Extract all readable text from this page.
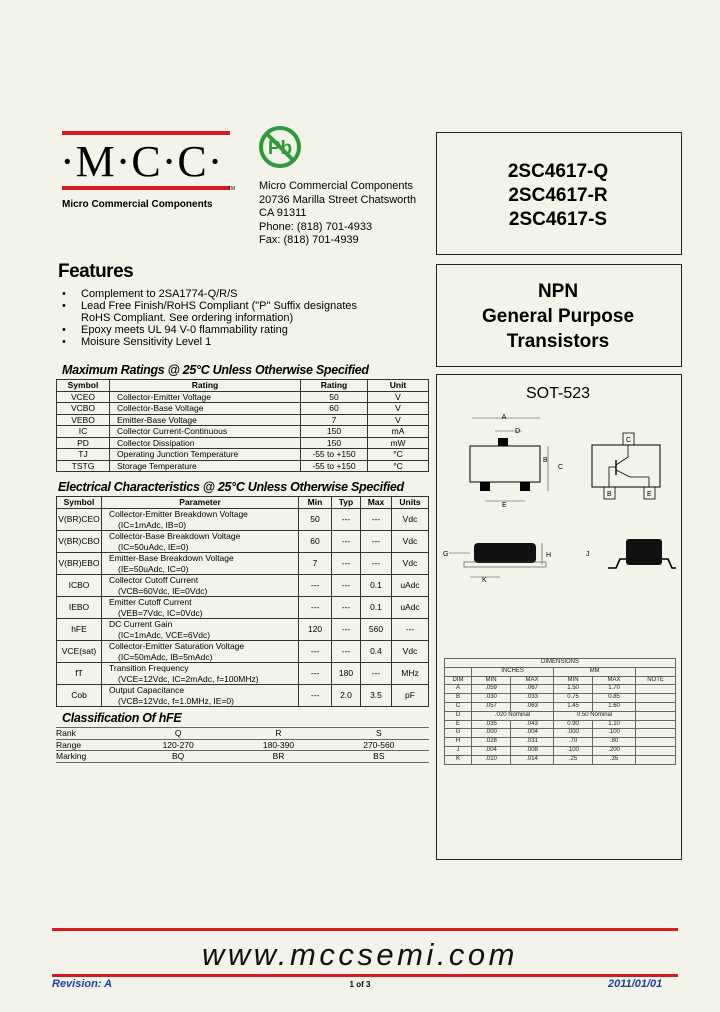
·M·C·C·
TM
Micro Commercial Components
Pb
Micro Commercial Components
20736 Marilla Street Chatsworth
CA 91311
Phone: (818) 701-4933
Fax: (818) 701-4939
2SC4617-Q
2SC4617-R
2SC4617-S
NPN
General Purpose
Transistors
SOT-523
A
D
C
B
E
C
B	E
G	H
K
J
DIMENSIONS					
	INCHES		MM		
DIM	MIN	MAX	MIN	MAX	NOTE
A	.059	.067	1.50	1.70	
B	.030	.033	0.75	0.85	
C	.057	.063	1.45	1.60	
D	.020 Nominal		0.50 Nominal		
E	.035	.043	0.90	1.10	
G	.000	.004	.000	.100	
H	.028	.031	.70	.80	
J	.004	.008	.100	.200	
K	.010	.014	.25	.35	
Features
• Complement to 2SA1774-Q/R/S
• Lead Free Finish/RoHS Compliant ("P" Suffix designates
RoHS Compliant. See ordering information)
• Epoxy meets UL 94 V-0 flammability rating
• Moisure Sensitivity Level 1
Maximum Ratings @ 25°C Unless Otherwise Specified
Symbol	Rating	Rating	Unit
VCEO	Collector-Emitter Voltage	50	V
VCBO	Collector-Base Voltage	60	V
VEBO	Emitter-Base Voltage	7	V
IC	Collector Current-Continuous	150	mA
PD	Collector Dissipation	150	mW
TJ	Operating Junction Temperature	-55 to +150	°C
TSTG	Storage Temperature	-55 to +150	°C
Electrical Characteristics @ 25°C Unless Otherwise Specified
Symbol	Parameter	Min	Typ	Max	Units
V(BR)CEO	Collector-Emitter Breakdown Voltage
(IC=1mAdc, IB=0)	50	---	---	Vdc
V(BR)CBO	Collector-Base Breakdown Voltage
(IC=50uAdc, IE=0)	60	---	---	Vdc
V(BR)EBO	Emitter-Base Breakdown Voltage
(IE=50uAdc, IC=0)	7	---	---	Vdc
ICBO	Collector Cutoff Current
(VCB=60Vdc, IE=0Vdc)	---	---	0.1	uAdc
IEBO	Emitter Cutoff Current
(VEB=7Vdc, IC=0Vdc)	---	---	0.1	uAdc
hFE	DC Current Gain
(IC=1mAdc, VCE=6Vdc)	120	---	560	---
VCE(sat)	Collector-Emitter Saturation Voltage
(IC=50mAdc, IB=5mAdc)	---	---	0.4	Vdc
fT	Transition Frequency
(VCE=12Vdc, IC=2mAdc, f=100MHz)	---	180	---	MHz
Cob	Output Capacitance
(VCB=12Vdc, f=1.0MHz, IE=0)	---	2.0	3.5	pF
Classification Of hFE
Rank	Q	R	S
Range	120-270	180-390	270-560
Marking	BQ	BR	BS
www.mccsemi.com
Revision: A	1 of 3	2011/01/01
